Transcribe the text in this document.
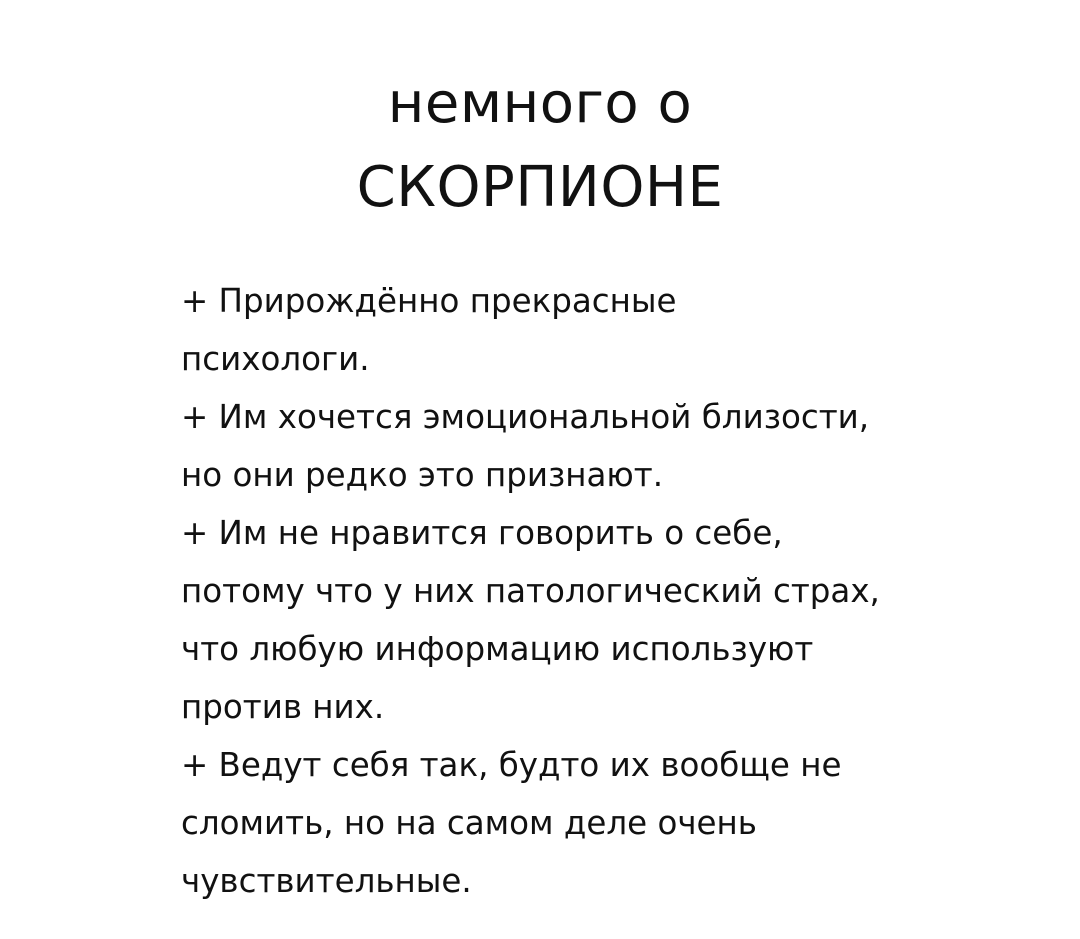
немного о
СКОРПИОНЕ
+ Прирождённо прекрасные
психологи.
+ Им хочется эмоциональной близости,
но они редко это признают.
+ Им не нравится говорить о себе,
потому что у них патологический страх,
что любую информацию используют
против них.
+ Ведут себя так, будто их вообще не
сломить, но на самом деле очень
чувствительные.
